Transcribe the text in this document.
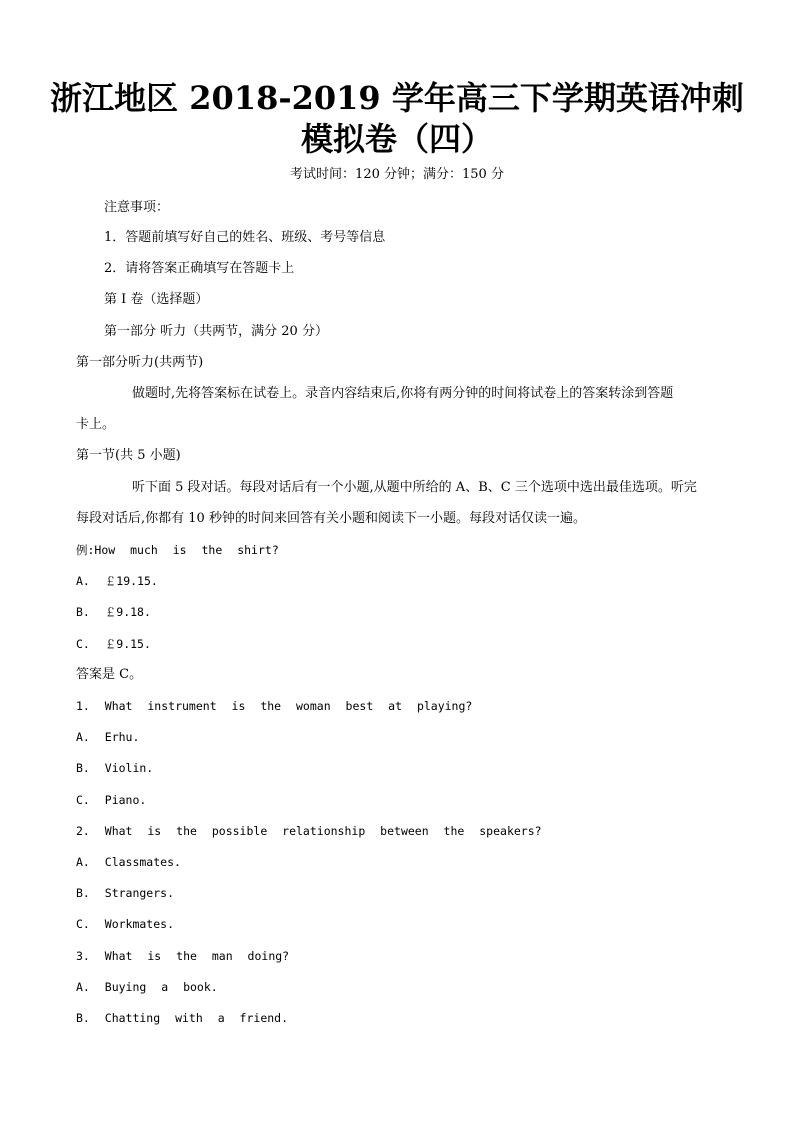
浙江地区 2018-2019 学年高三下学期英语冲刺
模拟卷（四）
考试时间：120 分钟；满分：150 分
注意事项：
1．答题前填写好自己的姓名、班级、考号等信息
2．请将答案正确填写在答题卡上
第 I 卷（选择题）
第一部分 听力（共两节，满分 20 分）
第一部分听力(共两节)
做题时,先将答案标在试卷上。录音内容结束后,你将有两分钟的时间将试卷上的答案转涂到答题
卡上。
第一节(共 5 小题)
听下面 5 段对话。每段对话后有一个小题,从题中所给的 A、B、C 三个选项中选出最佳选项。听完
每段对话后,你都有 10 秒钟的时间来回答有关小题和阅读下一小题。每段对话仅读一遍。
例:How much is the shirt?
A. ￡19.15.
B. ￡9.18.
C. ￡9.15.
答案是 C。
1. What instrument is the woman best at playing?
A. Erhu.
B. Violin.
C. Piano.
2. What is the possible relationship between the speakers?
A. Classmates.
B. Strangers.
C. Workmates.
3. What is the man doing?
A. Buying a book.
B. Chatting with a friend.
